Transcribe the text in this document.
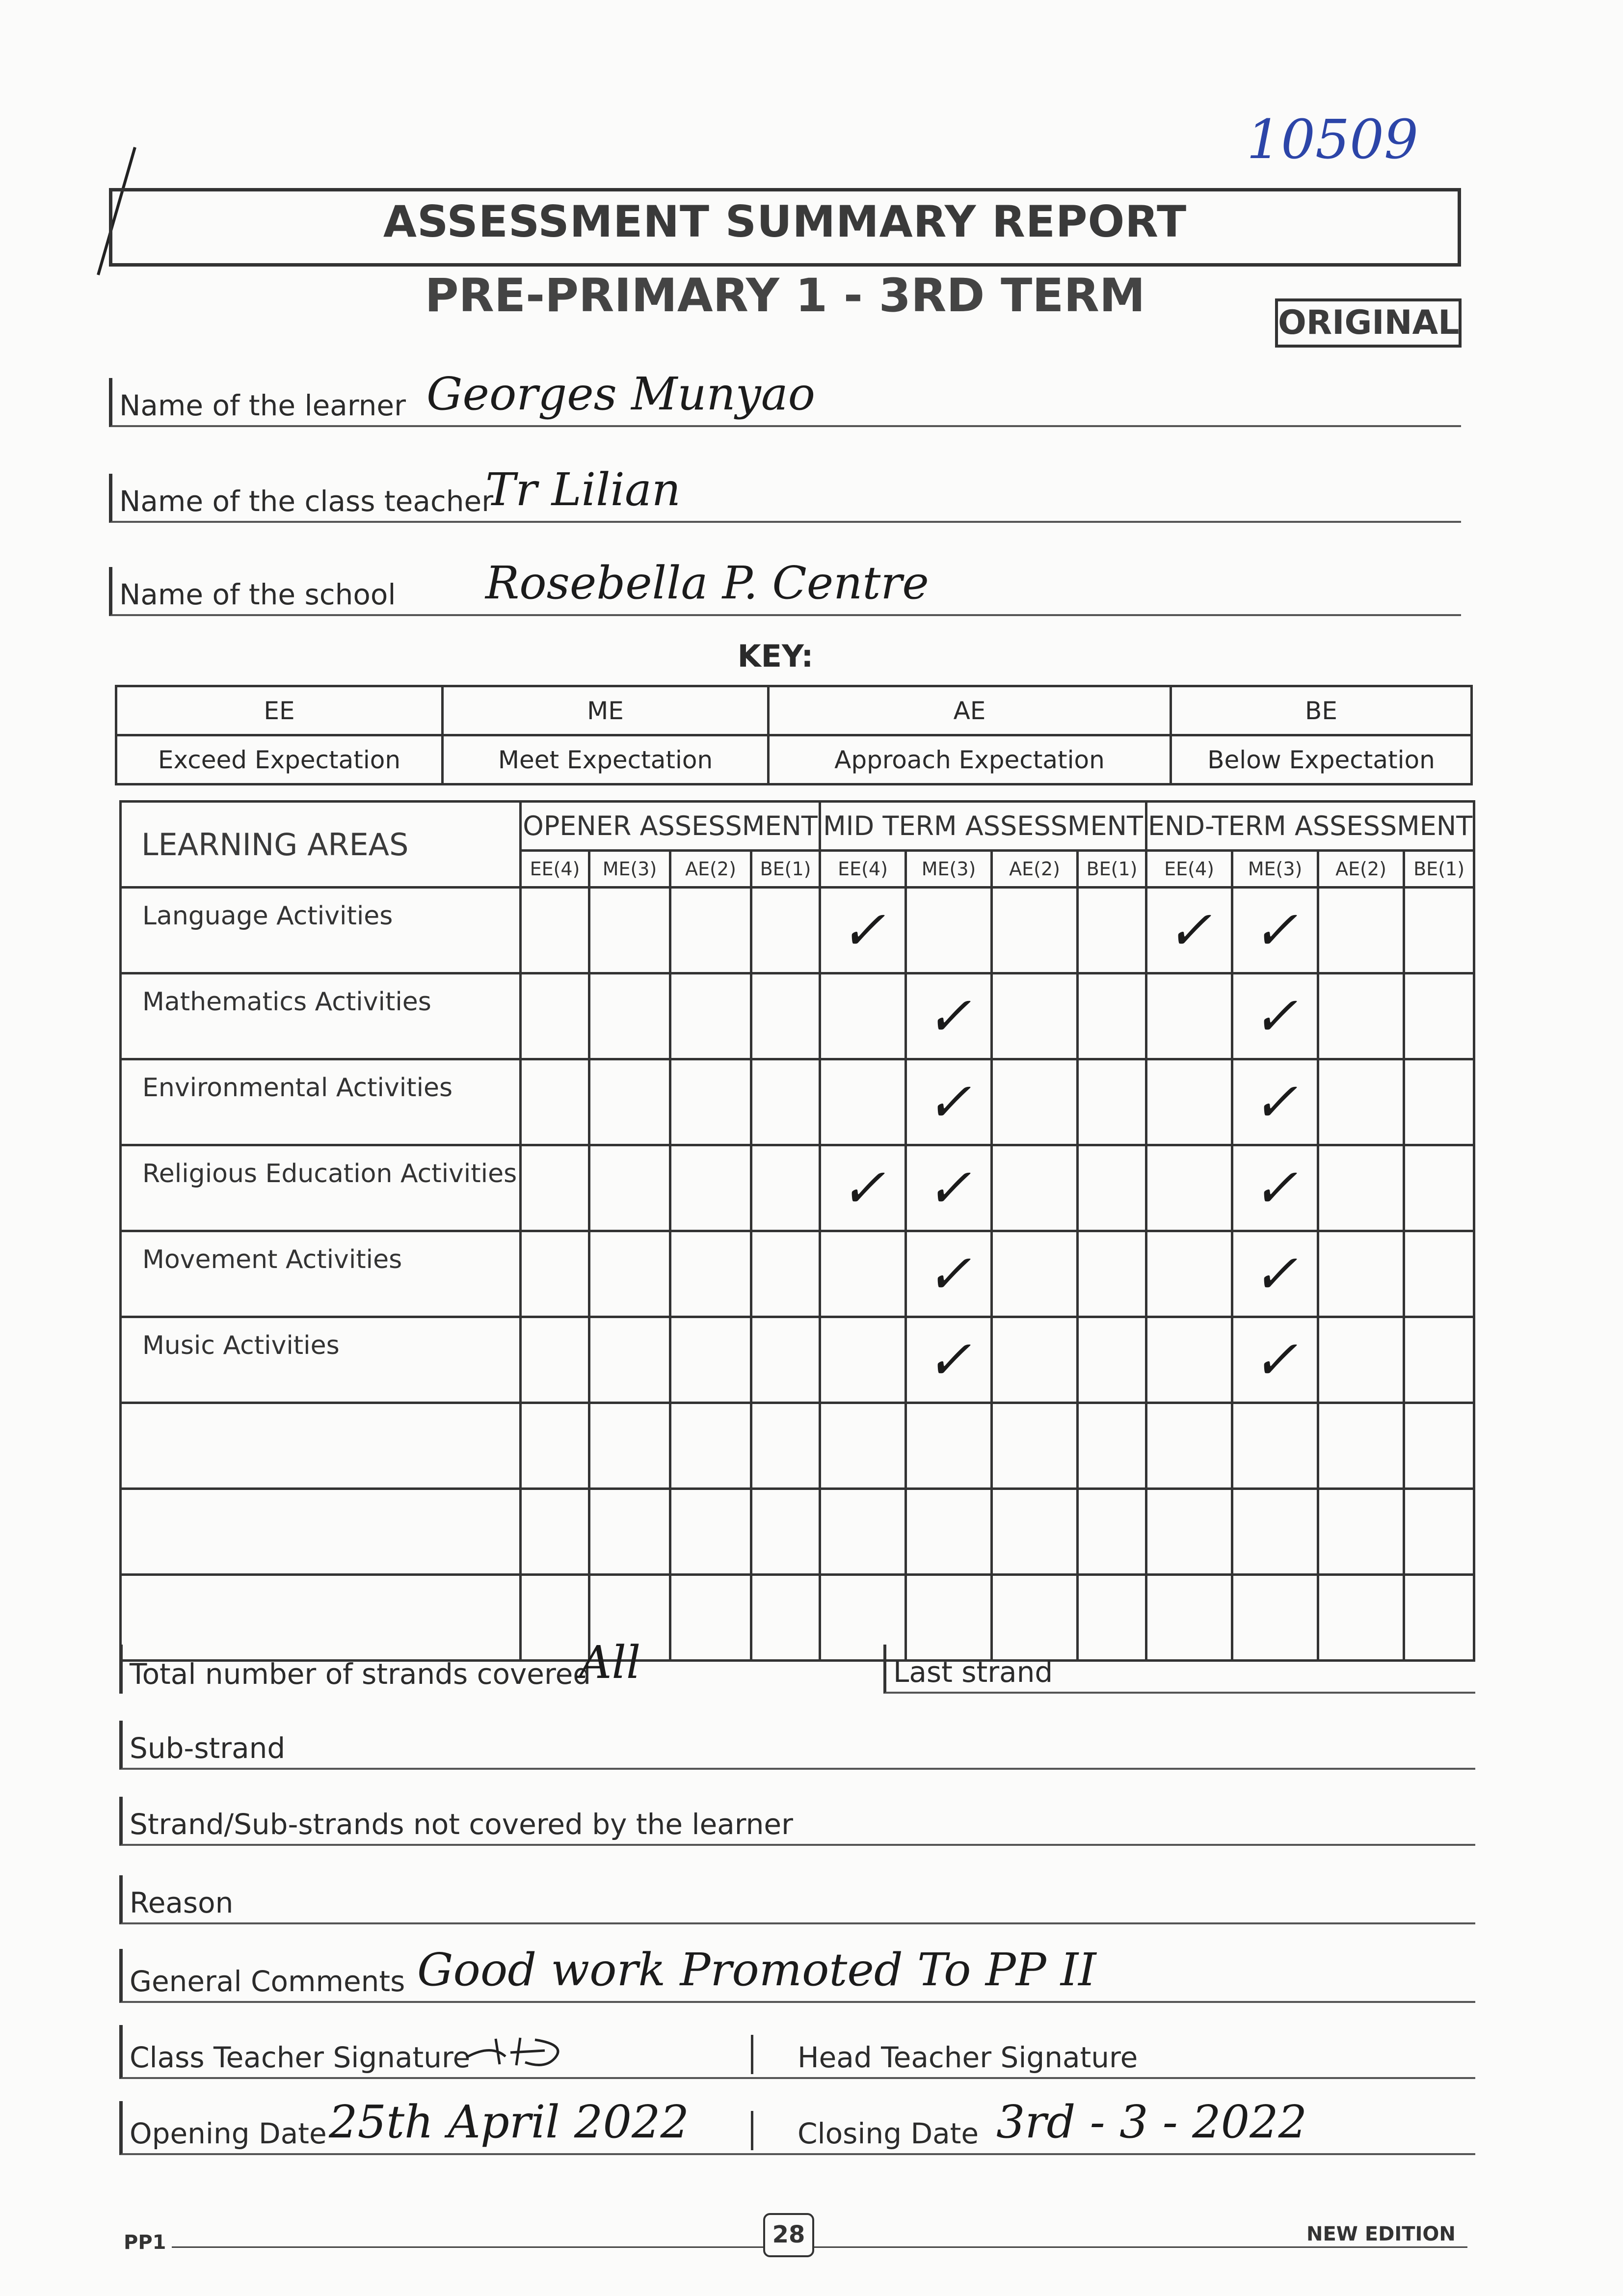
10509
ASSESSMENT SUMMARY REPORT
PRE-PRIMARY 1 - 3RD TERM
ORIGINAL
Name of the learner Georges Munyao
Name of the class teacher
Tr Lilian
Name of the school Rosebella P. Centre
KEY:
EE	ME	AE	BE
Exceed Expectation	Meet Expectation	Approach Expectation	Below Expectation
LEARNING AREAS	OPENER ASSESSMENT				MID TERM ASSESSMENT				END-TERM ASSESSMENT			
	EE(4)	ME(3)	AE(2)	BE(1)	EE(4)	ME(3)	AE(2)	BE(1)	EE(4)	ME(3)	AE(2)	BE(1)
Language Activities					✓				✓	✓		
Mathematics Activities						✓				✓		
Environmental Activities						✓				✓		
Religious Education Activities					✓	✓				✓		
Movement Activities						✓				✓		
Music Activities						✓				✓		

Total number of strands covered
All	Last strand
Sub-strand
Strand/Sub-strands not covered by the learner
Reason
General Comments Good work Promoted To PP II
Class Teacher Signature	Head Teacher Signature
Opening Date 25th April 2022	Closing Date 3rd - 3 - 2022
PP1	28	NEW EDITION
